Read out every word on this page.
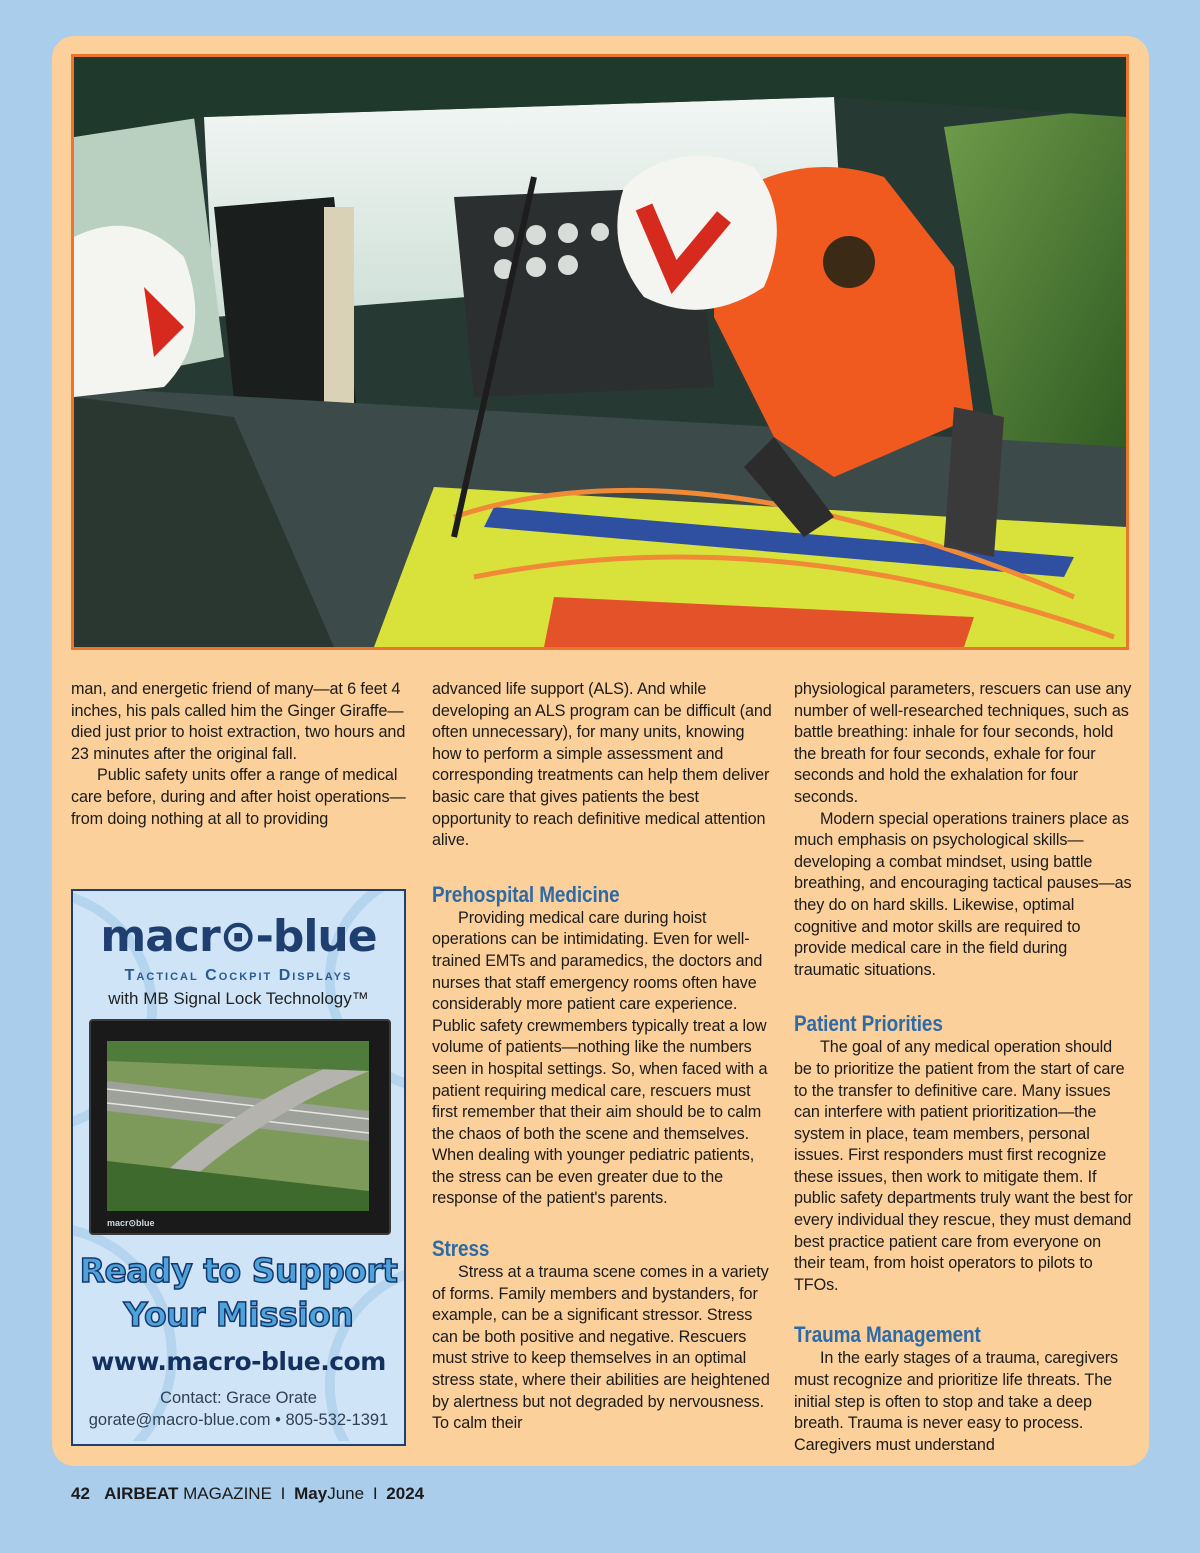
man, and energetic friend of many—at 6 feet 4 inches, his pals called him the Ginger Giraffe—died just prior to hoist extraction, two hours and 23 minutes after the original fall.

Public safety units offer a range of medical care before, during and after hoist operations—from doing nothing at all to providing

macr⊙-blue
Tactical Cockpit Displays
with MB Signal Lock Technology™
macr⊙blue
Ready to Support
Your Mission
www.macro-blue.com
Contact: Grace Orate
gorate@macro-blue.com • 805-532-1391

advanced life support (ALS). And while developing an ALS program can be difficult (and often unnecessary), for many units, knowing how to perform a simple assessment and corresponding treatments can help them deliver basic care that gives patients the best opportunity to reach definitive medical attention alive.

Prehospital Medicine

Providing medical care during hoist operations can be intimidating. Even for well-trained EMTs and paramedics, the doctors and nurses that staff emergency rooms often have considerably more patient care experience. Public safety crewmembers typically treat a low volume of patients—nothing like the numbers seen in hospital settings. So, when faced with a patient requiring medical care, rescuers must first remember that their aim should be to calm the chaos of both the scene and themselves. When dealing with younger pediatric patients, the stress can be even greater due to the response of the patient's parents.

Stress

Stress at a trauma scene comes in a variety of forms. Family members and bystanders, for example, can be a significant stressor. Stress can be both positive and negative. Rescuers must strive to keep themselves in an optimal stress state, where their abilities are heightened by alertness but not degraded by nervousness. To calm their

physiological parameters, rescuers can use any number of well-researched techniques, such as battle breathing: inhale for four seconds, hold the breath for four seconds, exhale for four seconds and hold the exhalation for four seconds.

Modern special operations trainers place as much emphasis on psychological skills—developing a combat mindset, using battle breathing, and encouraging tactical pauses—as they do on hard skills. Likewise, optimal cognitive and motor skills are required to provide medical care in the field during traumatic situations.

Patient Priorities

The goal of any medical operation should be to prioritize the patient from the start of care to the transfer to definitive care. Many issues can interfere with patient prioritization—the system in place, team members, personal issues. First responders must first recognize these issues, then work to mitigate them. If public safety departments truly want the best for every individual they rescue, they must demand best practice patient care from everyone on their team, from hoist operators to pilots to TFOs.

Trauma Management

In the early stages of a trauma, caregivers must recognize and prioritize life threats. The initial step is often to stop and take a deep breath. Trauma is never easy to process. Caregivers must understand

42 AIRBEAT MAGAZINE I MayJune I 2024
